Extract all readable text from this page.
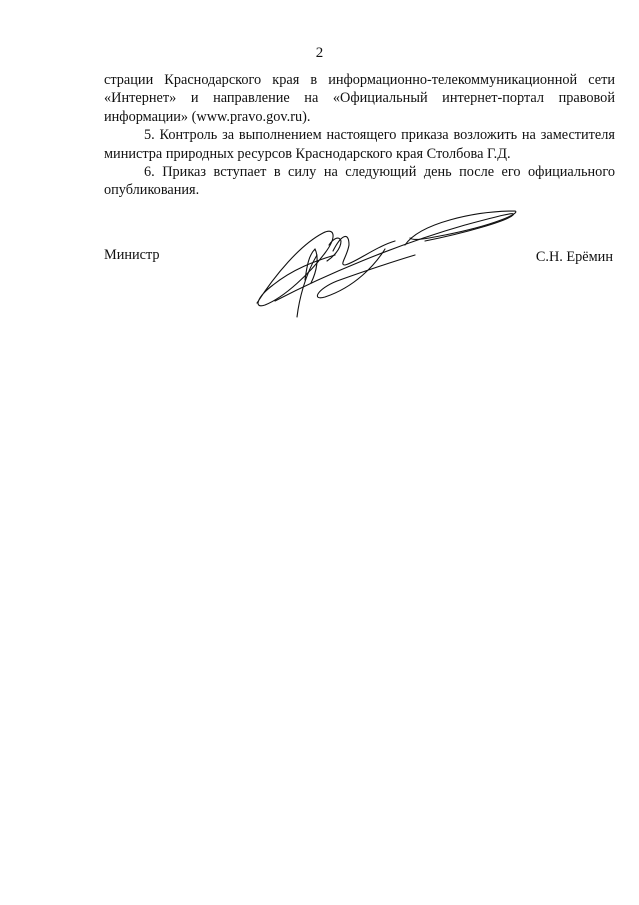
2

страции Краснодарского края в информационно-телекоммуникационной сети «Интернет» и направление на «Официальный интернет-портал правовой информации» (www.pravo.gov.ru).

5. Контроль за выполнением настоящего приказа возложить на заместителя министра природных ресурсов Краснодарского края Столбова Г.Д.

6. Приказ вступает в силу на следующий день после его официального опубликования.

Министр	С.Н. Ерёмин
